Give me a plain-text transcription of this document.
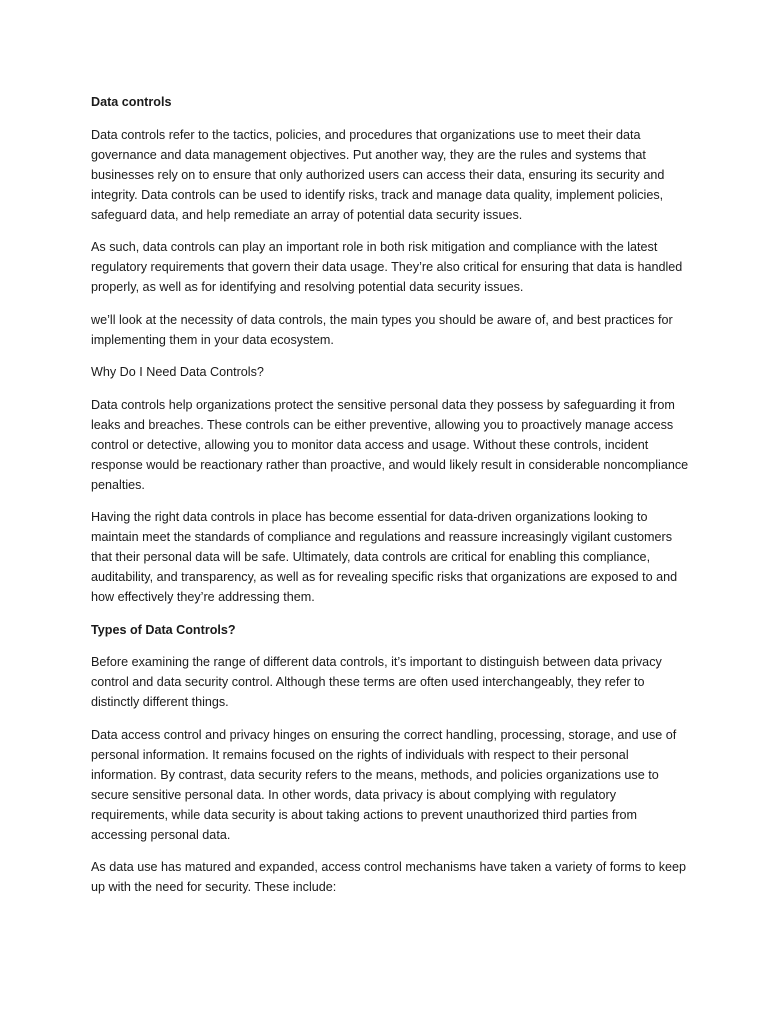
Data controls

Data controls refer to the tactics, policies, and procedures that organizations use to meet their data governance and data management objectives. Put another way, they are the rules and systems that businesses rely on to ensure that only authorized users can access their data, ensuring its security and integrity. Data controls can be used to identify risks, track and manage data quality, implement policies, safeguard data, and help remediate an array of potential data security issues.

As such, data controls can play an important role in both risk mitigation and compliance with the latest regulatory requirements that govern their data usage. They’re also critical for ensuring that data is handled properly, as well as for identifying and resolving potential data security issues.

we’ll look at the necessity of data controls, the main types you should be aware of, and best practices for implementing them in your data ecosystem.

Why Do I Need Data Controls?

Data controls help organizations protect the sensitive personal data they possess by safeguarding it from leaks and breaches. These controls can be either preventive, allowing you to proactively manage access control or detective, allowing you to monitor data access and usage. Without these controls, incident response would be reactionary rather than proactive, and would likely result in considerable noncompliance penalties.

Having the right data controls in place has become essential for data-driven organizations looking to maintain meet the standards of compliance and regulations and reassure increasingly vigilant customers that their personal data will be safe. Ultimately, data controls are critical for enabling this compliance, auditability, and transparency, as well as for revealing specific risks that organizations are exposed to and how effectively they’re addressing them.

Types of Data Controls?

Before examining the range of different data controls, it’s important to distinguish between data privacy control and data security control. Although these terms are often used interchangeably, they refer to distinctly different things.

Data access control and privacy hinges on ensuring the correct handling, processing, storage, and use of personal information. It remains focused on the rights of individuals with respect to their personal information. By contrast, data security refers to the means, methods, and policies organizations use to secure sensitive personal data. In other words, data privacy is about complying with regulatory requirements, while data security is about taking actions to prevent unauthorized third parties from accessing personal data.

As data use has matured and expanded, access control mechanisms have taken a variety of forms to keep up with the need for security. These include:
